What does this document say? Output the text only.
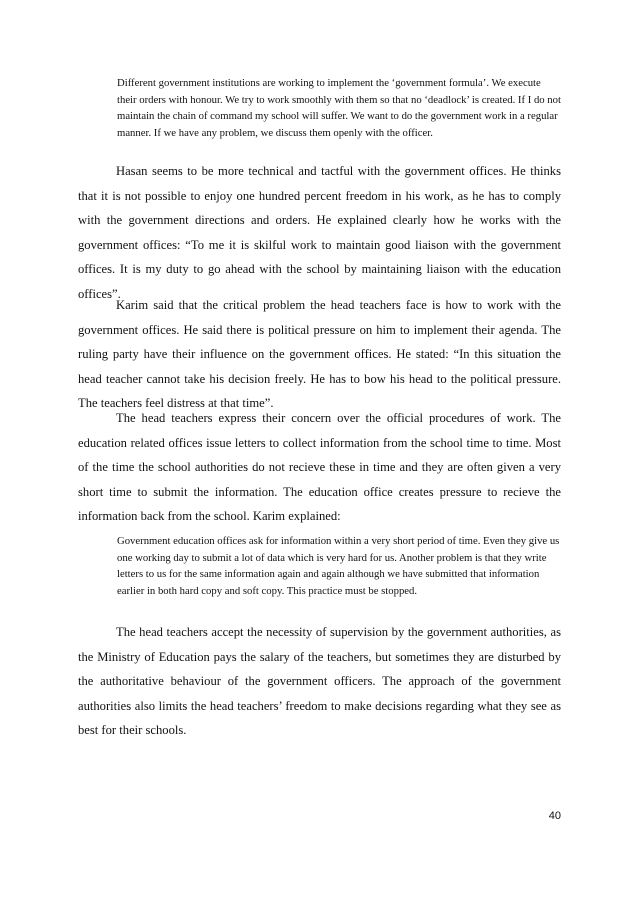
Different government institutions are working to implement the ‘government formula’. We execute their orders with honour. We try to work smoothly with them so that no ‘deadlock’ is created. If I do not maintain the chain of command my school will suffer. We want to do the government work in a regular manner. If we have any problem, we discuss them openly with the officer.

Hasan seems to be more technical and tactful with the government offices. He thinks that it is not possible to enjoy one hundred percent freedom in his work, as he has to comply with the government directions and orders. He explained clearly how he works with the government offices: “To me it is skilful work to maintain good liaison with the government offices. It is my duty to go ahead with the school by maintaining liaison with the education offices”.

Karim said that the critical problem the head teachers face is how to work with the government offices. He said there is political pressure on him to implement their agenda. The ruling party have their influence on the government offices. He stated: “In this situation the head teacher cannot take his decision freely. He has to bow his head to the political pressure. The teachers feel distress at that time”.

The head teachers express their concern over the official procedures of work. The education related offices issue letters to collect information from the school time to time. Most of the time the school authorities do not recieve these in time and they are often given a very short time to submit the information. The education office creates pressure to recieve the information back from the school. Karim explained:

Government education offices ask for information within a very short period of time. Even they give us one working day to submit a lot of data which is very hard for us. Another problem is that they write letters to us for the same information again and again although we have submitted that information earlier in both hard copy and soft copy. This practice must be stopped.

The head teachers accept the necessity of supervision by the government authorities, as the Ministry of Education pays the salary of the teachers, but sometimes they are disturbed by the authoritative behaviour of the government officers. The approach of the government authorities also limits the head teachers’ freedom to make decisions regarding what they see as best for their schools.

40
